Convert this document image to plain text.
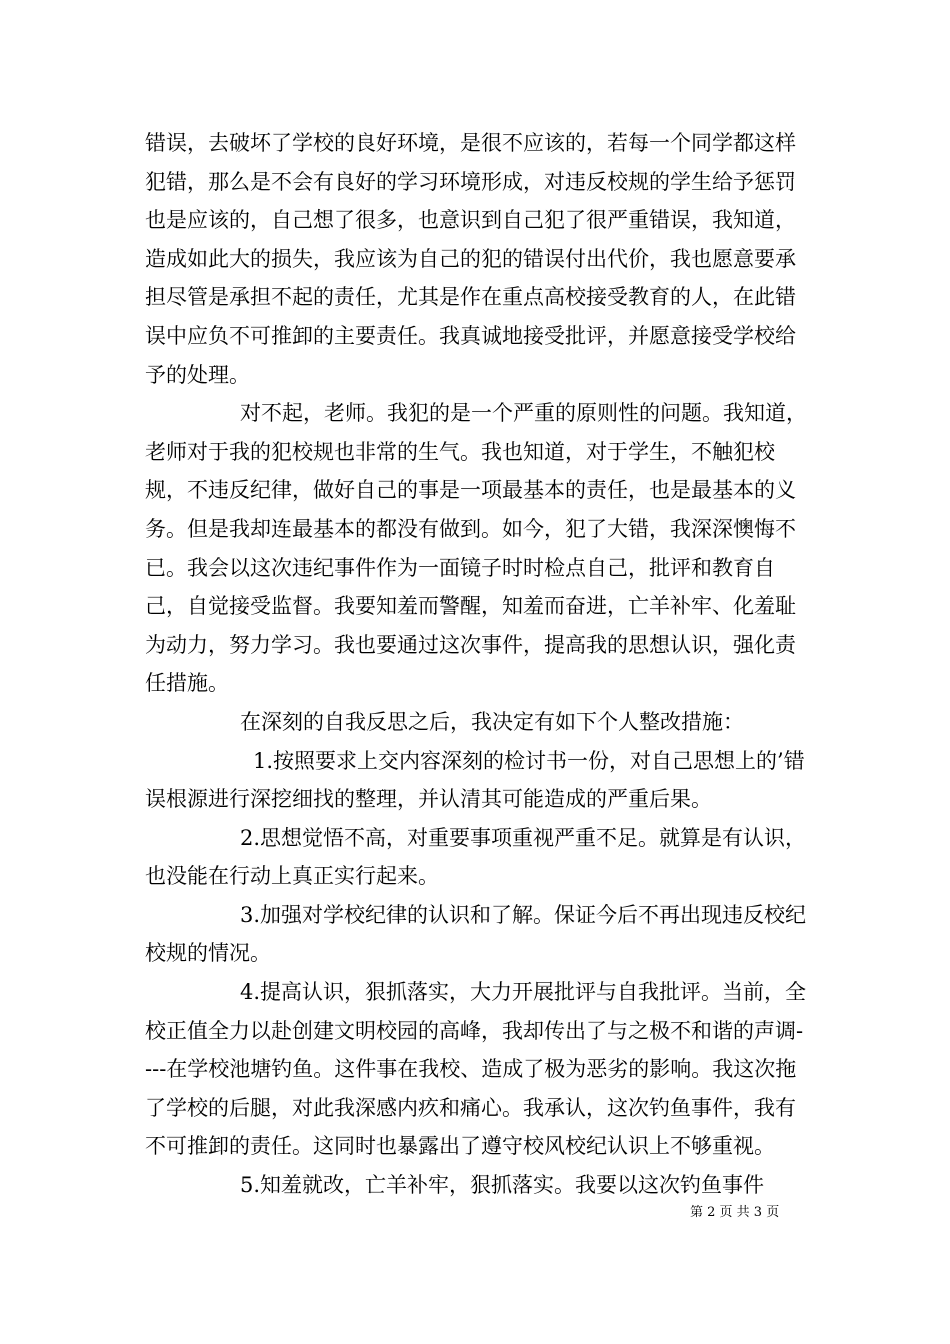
错误，去破坏了学校的良好环境，是很不应该的，若每一个同学都这样犯错，那么是不会有良好的学习环境形成，对违反校规的学生给予惩罚也是应该的，自己想了很多，也意识到自己犯了很严重错误，我知道，造成如此大的损失，我应该为自己的犯的错误付出代价，我也愿意要承担尽管是承担不起的责任，尤其是作在重点高校接受教育的人，在此错误中应负不可推卸的主要责任。我真诚地接受批评，并愿意接受学校给予的处理。

对不起，老师。我犯的是一个严重的原则性的问题。我知道，老师对于我的犯校规也非常的生气。我也知道，对于学生，不触犯校规，不违反纪律，做好自己的事是一项最基本的责任，也是最基本的义务。但是我却连最基本的都没有做到。如今，犯了大错，我深深懊悔不已。我会以这次违纪事件作为一面镜子时时检点自己，批评和教育自己，自觉接受监督。我要知羞而警醒，知羞而奋进，亡羊补牢、化羞耻为动力，努力学习。我也要通过这次事件，提高我的思想认识，强化责任措施。

在深刻的自我反思之后，我决定有如下个人整改措施：

1.按照要求上交内容深刻的检讨书一份，对自己思想上的’错误根源进行深挖细找的整理，并认清其可能造成的严重后果。

2.思想觉悟不高，对重要事项重视严重不足。就算是有认识，也没能在行动上真正实行起来。

3.加强对学校纪律的认识和了解。保证今后不再出现违反校纪校规的情况。

4.提高认识，狠抓落实，大力开展批评与自我批评。当前，全校正值全力以赴创建文明校园的高峰，我却传出了与之极不和谐的声调----在学校池塘钓鱼。这件事在我校、造成了极为恶劣的影响。我这次拖了学校的后腿，对此我深感内疚和痛心。我承认，这次钓鱼事件，我有不可推卸的责任。这同时也暴露出了遵守校风校纪认识上不够重视。

5.知羞就改，亡羊补牢，狠抓落实。我要以这次钓鱼事件

第 2 页 共 3 页
